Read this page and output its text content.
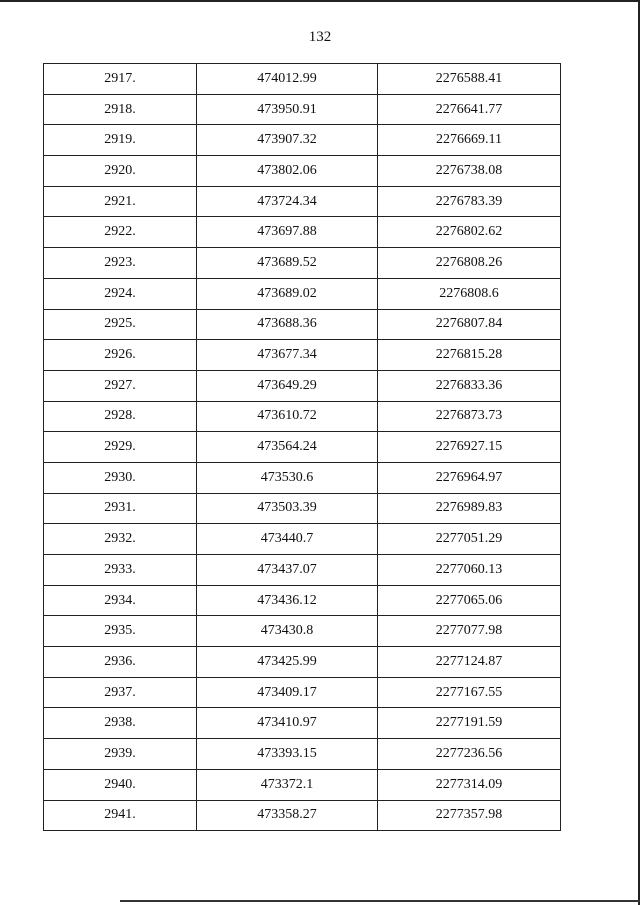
132
2917.	474012.99	2276588.41
2918.	473950.91	2276641.77
2919.	473907.32	2276669.11
2920.	473802.06	2276738.08
2921.	473724.34	2276783.39
2922.	473697.88	2276802.62
2923.	473689.52	2276808.26
2924.	473689.02	2276808.6
2925.	473688.36	2276807.84
2926.	473677.34	2276815.28
2927.	473649.29	2276833.36
2928.	473610.72	2276873.73
2929.	473564.24	2276927.15
2930.	473530.6	2276964.97
2931.	473503.39	2276989.83
2932.	473440.7	2277051.29
2933.	473437.07	2277060.13
2934.	473436.12	2277065.06
2935.	473430.8	2277077.98
2936.	473425.99	2277124.87
2937.	473409.17	2277167.55
2938.	473410.97	2277191.59
2939.	473393.15	2277236.56
2940.	473372.1	2277314.09
2941.	473358.27	2277357.98
